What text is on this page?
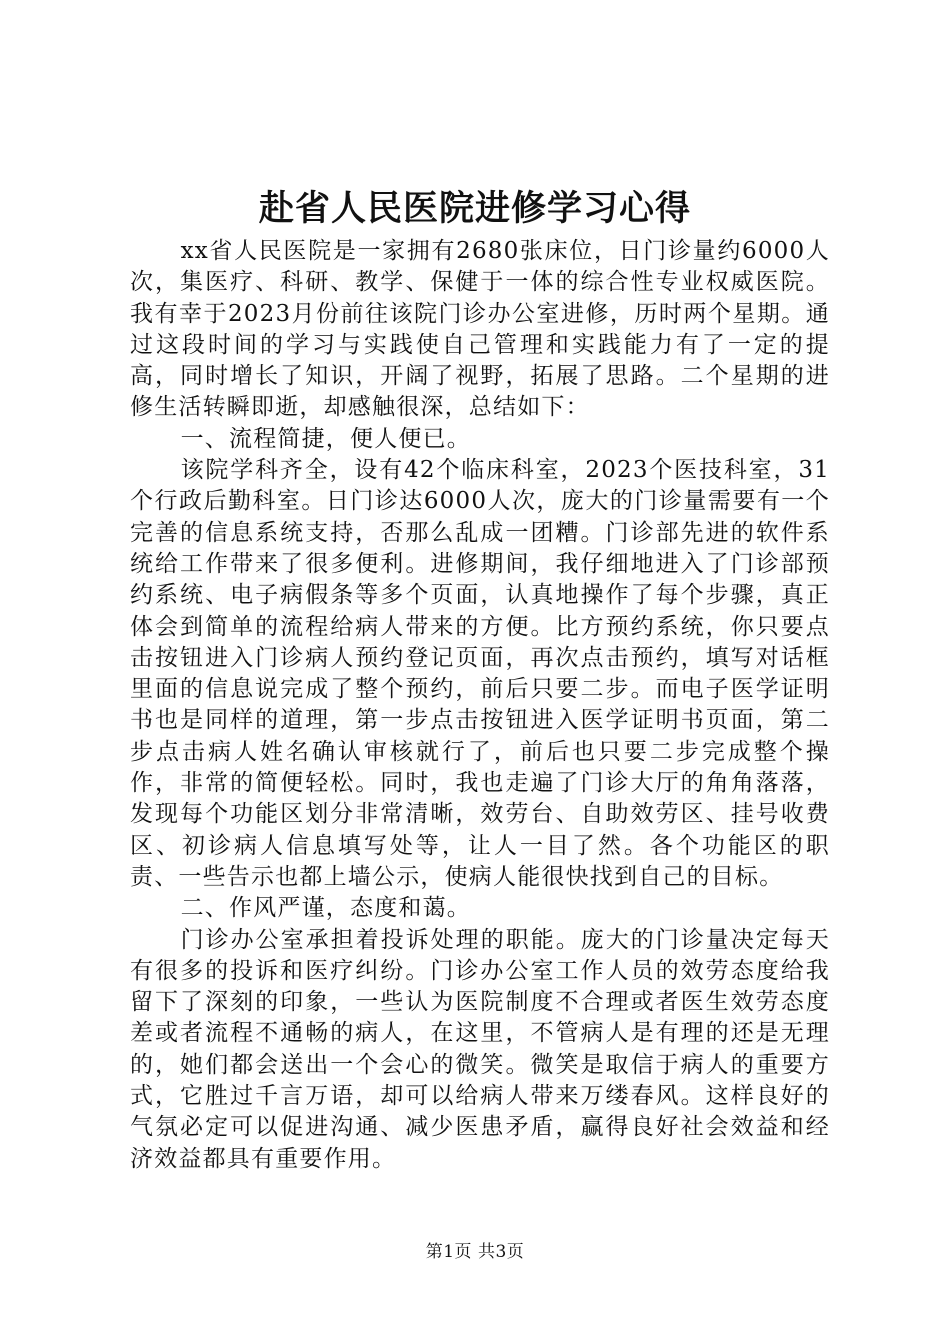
赴省人民医院进修学习心得

xx省人民医院是一家拥有2680张床位，日门诊量约6000人次，集医疗、科研、教学、保健于一体的综合性专业权威医院。我有幸于2023月份前往该院门诊办公室进修，历时两个星期。通过这段时间的学习与实践使自己管理和实践能力有了一定的提高，同时增长了知识，开阔了视野，拓展了思路。二个星期的进修生活转瞬即逝，却感触很深，总结如下：

一、流程简捷，便人便已。

该院学科齐全，设有42个临床科室，2023个医技科室，31个行政后勤科室。日门诊达6000人次，庞大的门诊量需要有一个完善的信息系统支持，否那么乱成一团糟。门诊部先进的软件系统给工作带来了很多便利。进修期间，我仔细地进入了门诊部预约系统、电子病假条等多个页面，认真地操作了每个步骤，真正体会到简单的流程给病人带来的方便。比方预约系统，你只要点击按钮进入门诊病人预约登记页面，再次点击预约，填写对话框里面的信息说完成了整个预约，前后只要二步。而电子医学证明书也是同样的道理，第一步点击按钮进入医学证明书页面，第二步点击病人姓名确认审核就行了，前后也只要二步完成整个操作，非常的简便轻松。同时，我也走遍了门诊大厅的角角落落，发现每个功能区划分非常清晰，效劳台、自助效劳区、挂号收费区、初诊病人信息填写处等，让人一目了然。各个功能区的职责、一些告示也都上墙公示，使病人能很快找到自己的目标。

二、作风严谨，态度和蔼。

门诊办公室承担着投诉处理的职能。庞大的门诊量决定每天有很多的投诉和医疗纠纷。门诊办公室工作人员的效劳态度给我留下了深刻的印象，一些认为医院制度不合理或者医生效劳态度差或者流程不通畅的病人，在这里，不管病人是有理的还是无理的，她们都会送出一个会心的微笑。微笑是取信于病人的重要方式，它胜过千言万语，却可以给病人带来万缕春风。这样良好的气氛必定可以促进沟通、减少医患矛盾，赢得良好社会效益和经济效益都具有重要作用。

第1页 共3页
